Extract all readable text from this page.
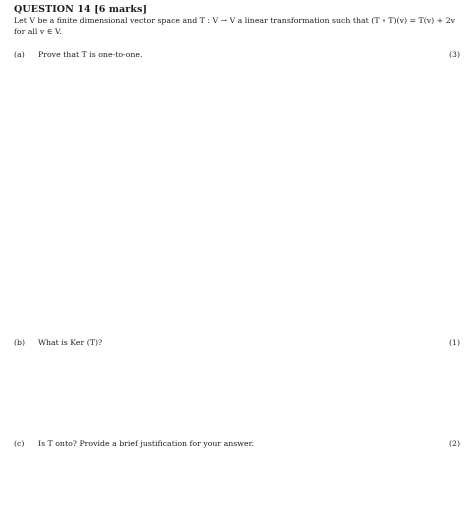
QUESTION 14 [6 marks]
Let V be a finite dimensional vector space and T : V → V a linear transformation such that (T ∘ T)(v) = T(v) + 2v
for all v ∈ V.
(a) Prove that T is one-to-one.	(3)
(b) What is Ker (T)?	(1)
(c) Is T onto? Provide a brief justification for your answer.	(2)
